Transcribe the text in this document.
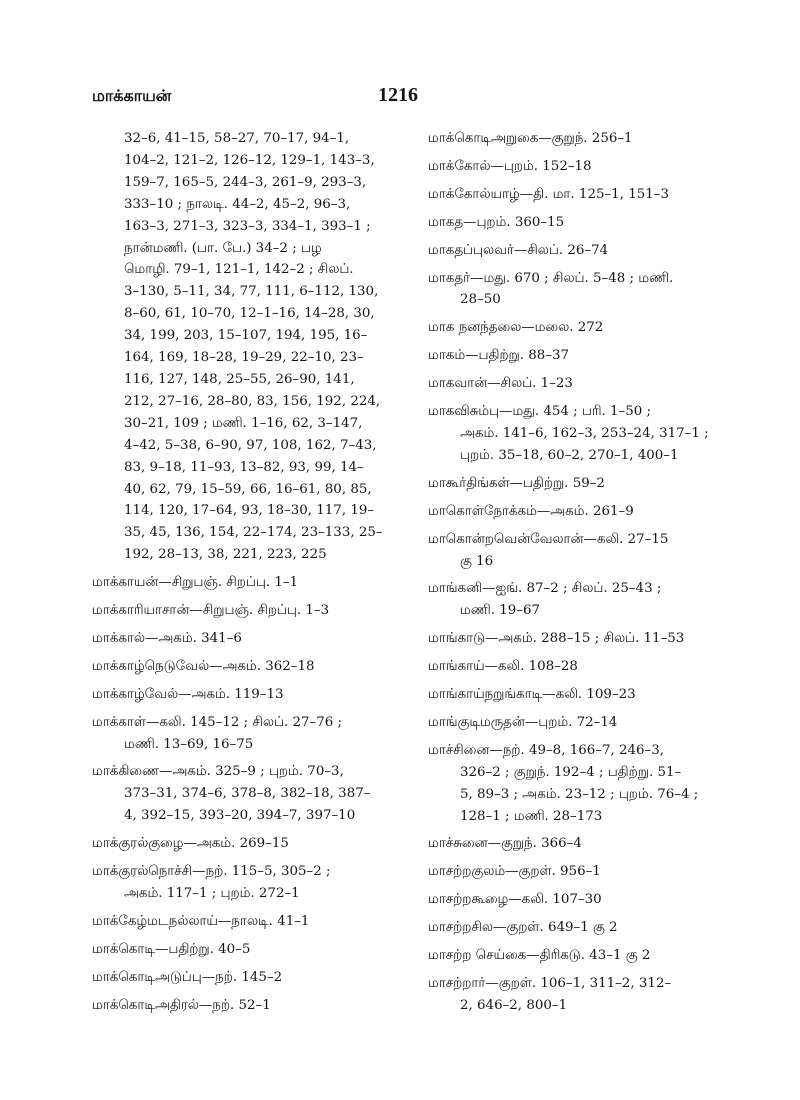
மாக்காயன்	1216
32–6, 41–15, 58–27, 70–17, 94–1,
104–2, 121–2, 126–12, 129–1, 143–3,
159–7, 165–5, 244–3, 261–9, 293–3,
333–10 ; நாலடி. 44–2, 45–2, 96–3,
163–3, 271–3, 323–3, 334–1, 393–1 ;
நான்மணி. (பா. பே.) 34–2 ; பழ
மொழி. 79–1, 121–1, 142–2 ; சிலப்.
3–130, 5–11, 34, 77, 111, 6–112, 130,
8–60, 61, 10–70, 12–1–16, 14–28, 30,
34, 199, 203, 15–107, 194, 195, 16–
164, 169, 18–28, 19–29, 22–10, 23–
116, 127, 148, 25–55, 26–90, 141,
212, 27–16, 28–80, 83, 156, 192, 224,
30–21, 109 ; மணி. 1–16, 62, 3–147,
4–42, 5–38, 6–90, 97, 108, 162, 7–43,
83, 9–18, 11–93, 13–82, 93, 99, 14–
40, 62, 79, 15–59, 66, 16–61, 80, 85,
114, 120, 17–64, 93, 18–30, 117, 19–
35, 45, 136, 154, 22–174, 23–133, 25–
192, 28–13, 38, 221, 223, 225
மாக்காயன்—சிறுபஞ். சிறப்பு. 1–1
மாக்காரியாசான்—சிறுபஞ். சிறப்பு. 1–3
மாக்கால்—அகம். 341–6
மாக்காழ்நெடுவேல்—அகம். 362–18
மாக்காழ்வேல்—அகம். 119–13
மாக்காள்—கலி. 145–12 ; சிலப். 27–76 ;
மணி. 13–69, 16–75
மாக்கிணை—அகம். 325–9 ; புறம். 70–3,
373–31, 374–6, 378–8, 382–18, 387–
4, 392–15, 393–20, 394–7, 397–10
மாக்குரல்குழை—அகம். 269–15
மாக்குரல்நொச்சி—நற். 115–5, 305–2 ;
அகம். 117–1 ; புறம். 272–1
மாக்கேழ்மடநல்லாய்—நாலடி. 41–1
மாக்கொடி—பதிற்று. 40–5
மாக்கொடிஅடுப்பு—நற். 145–2
மாக்கொடிஅதிரல்—நற். 52–1
மாக்கொடிஅறுகை—குறுந். 256–1
மாக்கோல்—புறம். 152–18
மாக்கோல்யாழ்—தி. மா. 125–1, 151–3
மாகத—புறம். 360–15
மாகதப்புலவர்—சிலப். 26–74
மாகதர்—மது. 670 ; சிலப். 5–48 ; மணி.
28–50
மாக நனந்தலை—மலை. 272
மாகம்—பதிற்று. 88–37
மாகவான்—சிலப். 1–23
மாகவிசும்பு—மது. 454 ; பரி. 1–50 ;
அகம். 141–6, 162–3, 253–24, 317–1 ;
புறம். 35–18, 60–2, 270–1, 400–1
மாகூர்திங்கள்—பதிற்று. 59–2
மாகொள்நோக்கம்—அகம். 261–9
மாகொன்றவென்வேலான்—கலி. 27–15
கு 16
மாங்கனி—ஐங். 87–2 ; சிலப். 25–43 ;
மணி. 19–67
மாங்காடு—அகம். 288–15 ; சிலப். 11–53
மாங்காய்—கலி. 108–28
மாங்காய்நறுங்காடி—கலி. 109–23
மாங்குடிமருதன்—புறம். 72–14
மாச்சினை—நற். 49–8, 166–7, 246–3,
326–2 ; குறுந். 192–4 ; பதிற்று. 51–
5, 89–3 ; அகம். 23–12 ; புறம். 76–4 ;
128–1 ; மணி. 28–173
மாச்சுனை—குறுந். 366–4
மாசற்றகுலம்—குறள். 956–1
மாசற்றகூழை—கலி. 107–30
மாசற்றசில—குறள். 649–1 கு 2
மாசற்ற செய்கை—திரிகடு. 43–1 கு 2
மாசற்றார்—குறள். 106–1, 311–2, 312–
2, 646–2, 800–1
